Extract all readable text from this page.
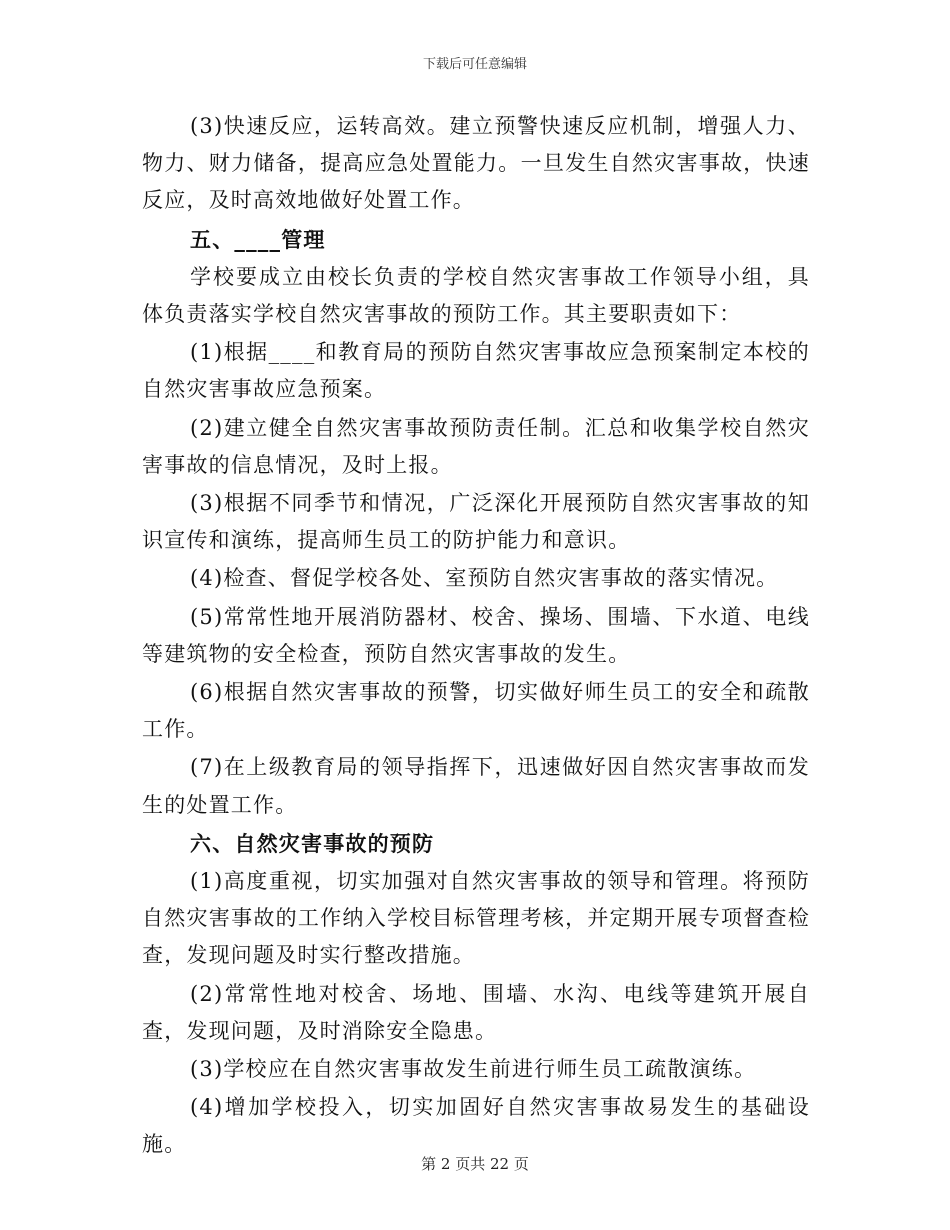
下载后可任意编辑

(3)快速反应，运转高效。建立预警快速反应机制，增强人力、物力、财力储备，提高应急处置能力。一旦发生自然灾害事故，快速反应，及时高效地做好处置工作。

五、____管理

学校要成立由校长负责的学校自然灾害事故工作领导小组，具体负责落实学校自然灾害事故的预防工作。其主要职责如下：

(1)根据____和教育局的预防自然灾害事故应急预案制定本校的自然灾害事故应急预案。

(2)建立健全自然灾害事故预防责任制。汇总和收集学校自然灾害事故的信息情况，及时上报。

(3)根据不同季节和情况，广泛深化开展预防自然灾害事故的知识宣传和演练，提高师生员工的防护能力和意识。

(4)检查、督促学校各处、室预防自然灾害事故的落实情况。

(5)常常性地开展消防器材、校舍、操场、围墙、下水道、电线等建筑物的安全检查，预防自然灾害事故的发生。

(6)根据自然灾害事故的预警，切实做好师生员工的安全和疏散工作。

(7)在上级教育局的领导指挥下，迅速做好因自然灾害事故而发生的处置工作。

六、自然灾害事故的预防

(1)高度重视，切实加强对自然灾害事故的领导和管理。将预防自然灾害事故的工作纳入学校目标管理考核，并定期开展专项督查检查，发现问题及时实行整改措施。

(2)常常性地对校舍、场地、围墙、水沟、电线等建筑开展自查，发现问题，及时消除安全隐患。

(3)学校应在自然灾害事故发生前进行师生员工疏散演练。

(4)增加学校投入，切实加固好自然灾害事故易发生的基础设施。

第 2 页共 22 页
